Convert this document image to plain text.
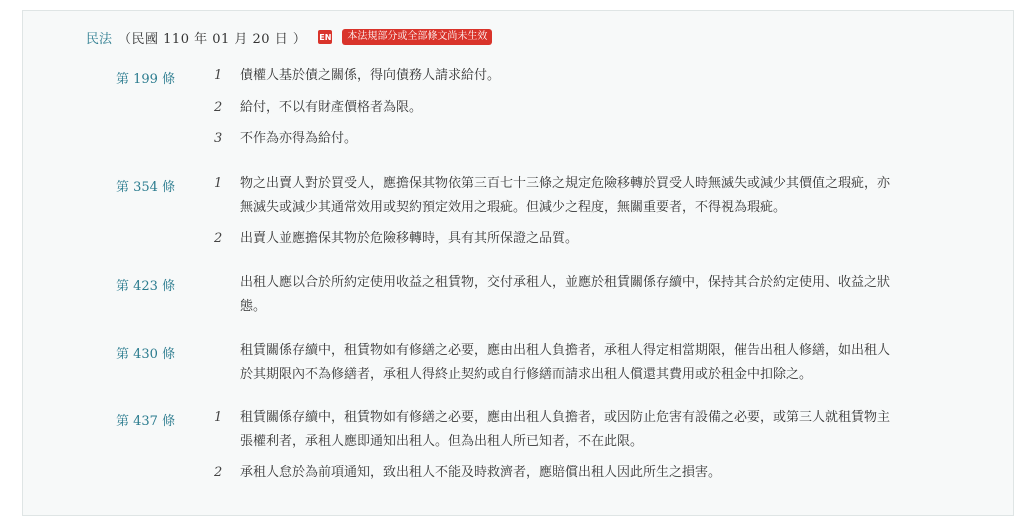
民法 （民國 110 年 01 月 20 日 ） EN	本法規部分或全部條文尚未生效
第 199 條	1	債權人基於債之關係，得向債務人請求給付。
2	給付，不以有財產價格者為限。
3	不作為亦得為給付。
第 354 條	1	物之出賣人對於買受人，應擔保其物依第三百七十三條之規定危險移轉於買受人時無滅失或減少其價值之瑕疵，亦無滅失或減少其通常效用或契約預定效用之瑕疵。但減少之程度，無關重要者，不得視為瑕疵。
2	出賣人並應擔保其物於危險移轉時，具有其所保證之品質。
第 423 條	出租人應以合於所約定使用收益之租賃物，交付承租人，並應於租賃關係存續中，保持其合於約定使用、收益之狀態。
第 430 條	租賃關係存續中，租賃物如有修繕之必要，應由出租人負擔者，承租人得定相當期限，催告出租人修繕，如出租人於其期限內不為修繕者，承租人得終止契約或自行修繕而請求出租人償還其費用或於租金中扣除之。
第 437 條	1	租賃關係存續中，租賃物如有修繕之必要，應由出租人負擔者，或因防止危害有設備之必要，或第三人就租賃物主張權利者，承租人應即通知出租人。但為出租人所已知者，不在此限。
2	承租人怠於為前項通知，致出租人不能及時救濟者，應賠償出租人因此所生之損害。
